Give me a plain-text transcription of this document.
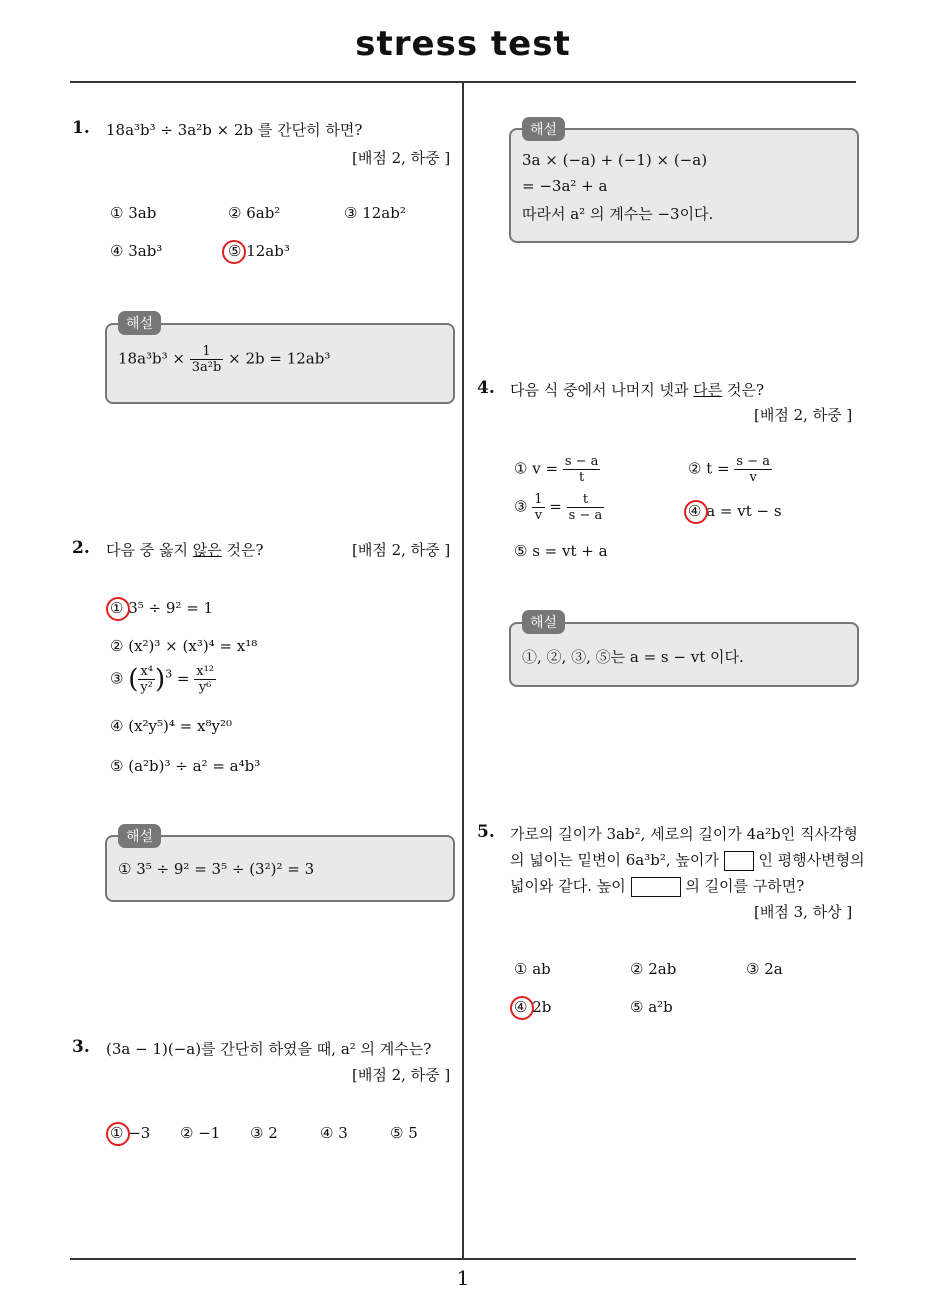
stress test
1. 18a³b³ ÷ 3a²b × 2b 를 간단히 하면?
[배점 2, 하중 ]
① 3ab	② 6ab²	③ 12ab²
④ 3ab³	⑤ 12ab³
해설
$18a^3b^3 \times \frac{1}{\text{3a²b}} \times 2b = 12ab^3$
2. 다음 중 옳지 않은 것은?	[배점 2, 하중 ]
① 3⁵ ÷ 9² = 1
② (x²)³ × (x³)⁴ = x¹⁸
③ ( $\frac{\text{x⁴}}{\text{y²}} )^3 = \frac{\text{x¹²}}{\text{y⁶}}$
④ (x²y⁵)⁴ = x⁸y²⁰
⑤ (a²b)³ ÷ a² = a⁴b³
해설
① 3⁵ ÷ 9² = 3⁵ ÷ (3²)² = 3
3. (3a − 1)(−a)를 간단히 하였을 때, a² 의 계수는?
[배점 2, 하중 ]
① −3 ② −1 ③ 2	④ 3	⑤ 5
해설
3a × (−a) + (−1) × (−a)
= −3a² + a
따라서 a² 의 계수는 −3이다.
4. 다음 식 중에서 나머지 넷과 다른 것은?
[배점 2, 하중 ]
① $v = \frac{s - a}{t}$	② $t = \frac{s - a}{v}$
③ $\frac{1}{v} = \frac{t}{s - a}$	④ a = vt − s
⑤ s = vt + a
해설
①, ②, ③, ⑤는 a = s − vt 이다.
5. 가로의 길이가 3ab², 세로의 길이가 4a²b인 직사각형
의 넓이는 밑변이 6a³b², 높이가	인 평행사변형의
넓이와 같다. 높이	의 길이를 구하면?
[배점 3, 하상 ]
① ab	② 2ab	③ 2a
④ 2b	⑤ a²b
1
